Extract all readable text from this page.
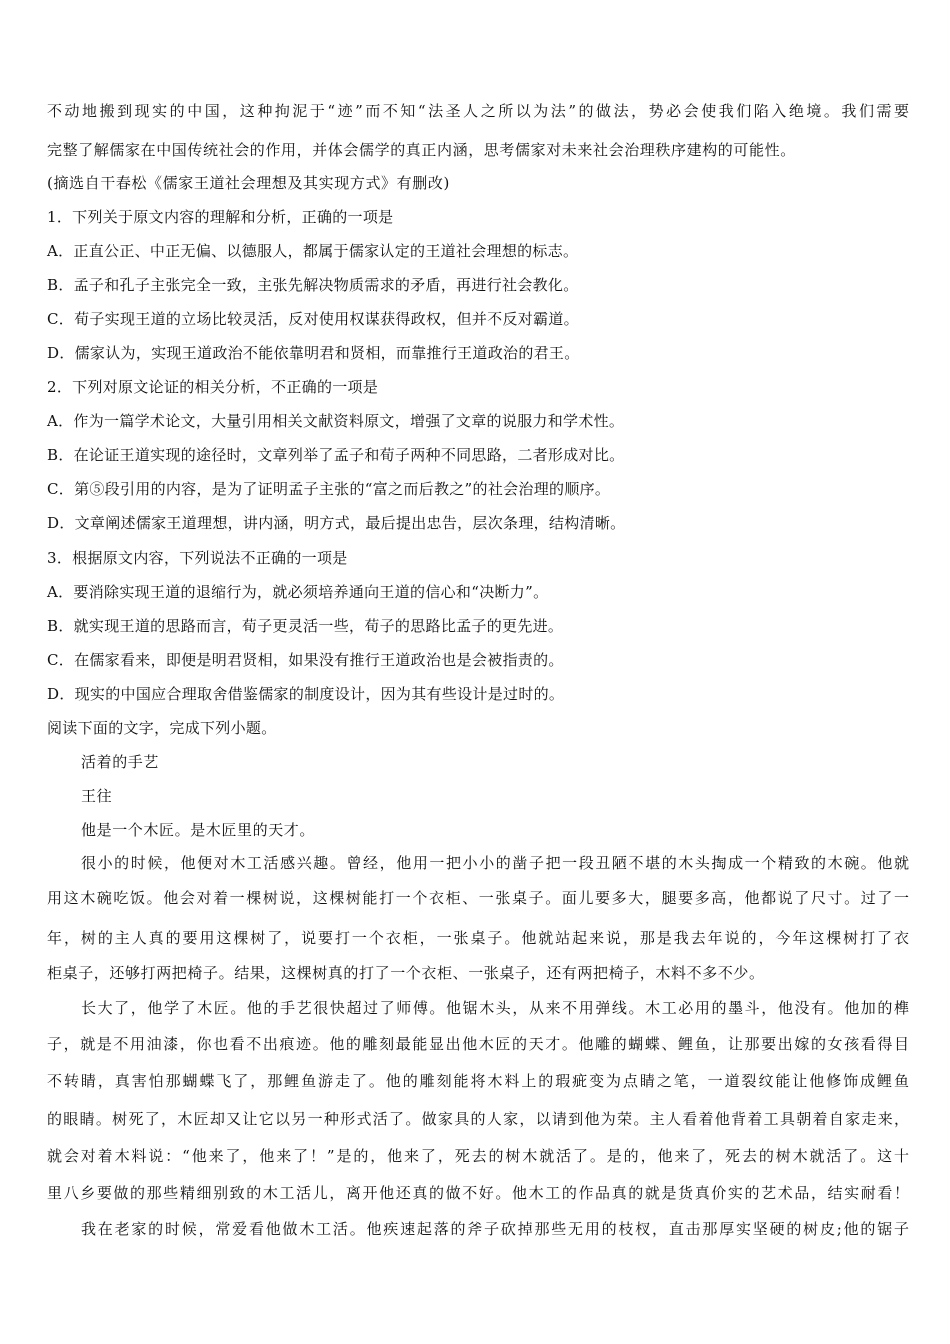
不动地搬到现实的中国，这种拘泥于“迹”而不知“法圣人之所以为法”的做法，势必会使我们陷入绝境。我们需要
完整了解儒家在中国传统社会的作用，并体会儒学的真正内涵，思考儒家对未来社会治理秩序建构的可能性。
(摘选自干春松《儒家王道社会理想及其实现方式》有删改)
1．下列关于原文内容的理解和分析，正确的一项是
A．正直公正、中正无偏、以德服人，都属于儒家认定的王道社会理想的标志。
B．孟子和孔子主张完全一致，主张先解决物质需求的矛盾，再进行社会教化。
C．荀子实现王道的立场比较灵活，反对使用权谋获得政权，但并不反对霸道。
D．儒家认为，实现王道政治不能依靠明君和贤相，而靠推行王道政治的君王。
2．下列对原文论证的相关分析，不正确的一项是
A．作为一篇学术论文，大量引用相关文献资料原文，增强了文章的说服力和学术性。
B．在论证王道实现的途径时，文章列举了孟子和荀子两种不同思路，二者形成对比。
C．第⑤段引用的内容，是为了证明孟子主张的“富之而后教之”的社会治理的顺序。
D．文章阐述儒家王道理想，讲内涵，明方式，最后提出忠告，层次条理，结构清晰。
3．根据原文内容，下列说法不正确的一项是
A．要消除实现王道的退缩行为，就必须培养通向王道的信心和“决断力”。
B．就实现王道的思路而言，荀子更灵活一些，荀子的思路比孟子的更先进。
C．在儒家看来，即便是明君贤相，如果没有推行王道政治也是会被指责的。
D．现实的中国应合理取舍借鉴儒家的制度设计，因为其有些设计是过时的。
阅读下面的文字，完成下列小题。
活着的手艺
王往
他是一个木匠。是木匠里的天才。
很小的时候，他便对木工活感兴趣。曾经，他用一把小小的凿子把一段丑陋不堪的木头掏成一个精致的木碗。他就
用这木碗吃饭。他会对着一棵树说，这棵树能打一个衣柜、一张桌子。面儿要多大，腿要多高，他都说了尺寸。过了一
年，树的主人真的要用这棵树了，说要打一个衣柜，一张桌子。他就站起来说，那是我去年说的，今年这棵树打了衣
柜桌子，还够打两把椅子。结果，这棵树真的打了一个衣柜、一张桌子，还有两把椅子，木料不多不少。
长大了，他学了木匠。他的手艺很快超过了师傅。他锯木头，从来不用弹线。木工必用的墨斗，他没有。他加的榫
子，就是不用油漆，你也看不出痕迹。他的雕刻最能显出他木匠的天才。他雕的蝴蝶、鲤鱼，让那要出嫁的女孩看得目
不转睛，真害怕那蝴蝶飞了，那鲤鱼游走了。他的雕刻能将木料上的瑕疵变为点睛之笔，一道裂纹能让他修饰成鲤鱼
的眼睛。树死了，木匠却又让它以另一种形式活了。做家具的人家，以请到他为荣。主人看着他背着工具朝着自家走来，
就会对着木料说：“他来了，他来了！”是的，他来了，死去的树木就活了。是的，他来了，死去的树木就活了。这十
里八乡要做的那些精细别致的木工活儿，离开他还真的做不好。他木工的作品真的就是货真价实的艺术品，结实耐看！
我在老家的时候，常爱看他做木工活。他疾速起落的斧子砍掉那些无用的枝杈，直击那厚实坚硬的树皮;他的锯子
